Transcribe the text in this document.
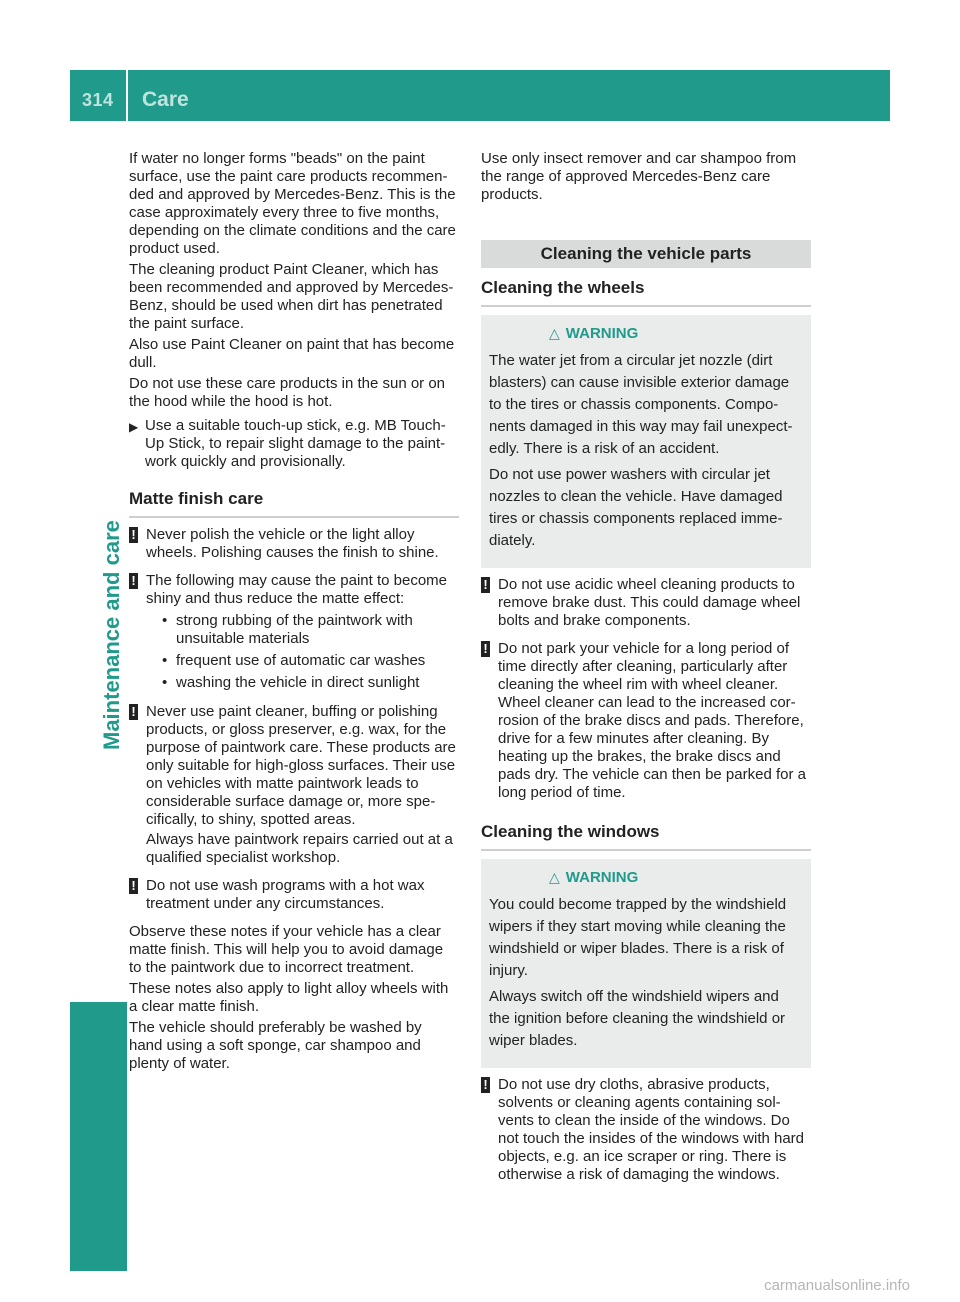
314 Care
Maintenance and care

If water no longer forms "beads" on the paint surface, use the paint care products recommen- ded and approved by Mercedes-Benz. This is the case approximately every three to five months, depending on the climate conditions and the care product used.

The cleaning product Paint Cleaner, which has been recommended and approved by Mercedes-Benz, should be used when dirt has penetrated the paint surface.

Also use Paint Cleaner on paint that has become dull.

Do not use these care products in the sun or on the hood while the hood is hot.

▶ Use a suitable touch-up stick, e.g. MB Touch- Up Stick, to repair slight damage to the paint- work quickly and provisionally.
Matte finish care
! Never polish the vehicle or the light alloy wheels. Polishing causes the finish to shine.

! The following may cause the paint to become shiny and thus reduce the matte effect:

• strong rubbing of the paintwork with unsuitable materials
• frequent use of automatic car washes
• washing the vehicle in direct sunlight
! Never use paint cleaner, buffing or polishing products, or gloss preserver, e.g. wax, for the purpose of paintwork care. These products are only suitable for high-gloss surfaces. Their use on vehicles with matte paintwork leads to considerable surface damage or, more spe- cifically, to shiny, spotted areas.

Always have paintwork repairs carried out at a qualified specialist workshop.

! Do not use wash programs with a hot wax treatment under any circumstances.

Observe these notes if your vehicle has a clear matte finish. This will help you to avoid damage to the paintwork due to incorrect treatment.

These notes also apply to light alloy wheels with a clear matte finish.

The vehicle should preferably be washed by hand using a soft sponge, car shampoo and plenty of water.

Use only insect remover and car shampoo from the range of approved Mercedes-Benz care products.

Cleaning the vehicle parts
Cleaning the wheels
△ WARNING

The water jet from a circular jet nozzle (dirt blasters) can cause invisible exterior damage to the tires or chassis components. Compo- nents damaged in this way may fail unexpect- edly. There is a risk of an accident.

Do not use power washers with circular jet nozzles to clean the vehicle. Have damaged tires or chassis components replaced imme- diately.

! Do not use acidic wheel cleaning products to remove brake dust. This could damage wheel bolts and brake components.

! Do not park your vehicle for a long period of time directly after cleaning, particularly after cleaning the wheel rim with wheel cleaner. Wheel cleaner can lead to the increased cor- rosion of the brake discs and pads. Therefore, drive for a few minutes after cleaning. By heating up the brakes, the brake discs and pads dry. The vehicle can then be parked for a long period of time.

Cleaning the windows
△ WARNING

You could become trapped by the windshield wipers if they start moving while cleaning the windshield or wiper blades. There is a risk of injury.

Always switch off the windshield wipers and the ignition before cleaning the windshield or wiper blades.

! Do not use dry cloths, abrasive products, solvents or cleaning agents containing sol- vents to clean the inside of the windows. Do not touch the insides of the windows with hard objects, e.g. an ice scraper or ring. There is otherwise a risk of damaging the windows.

carmanualsonline.info
